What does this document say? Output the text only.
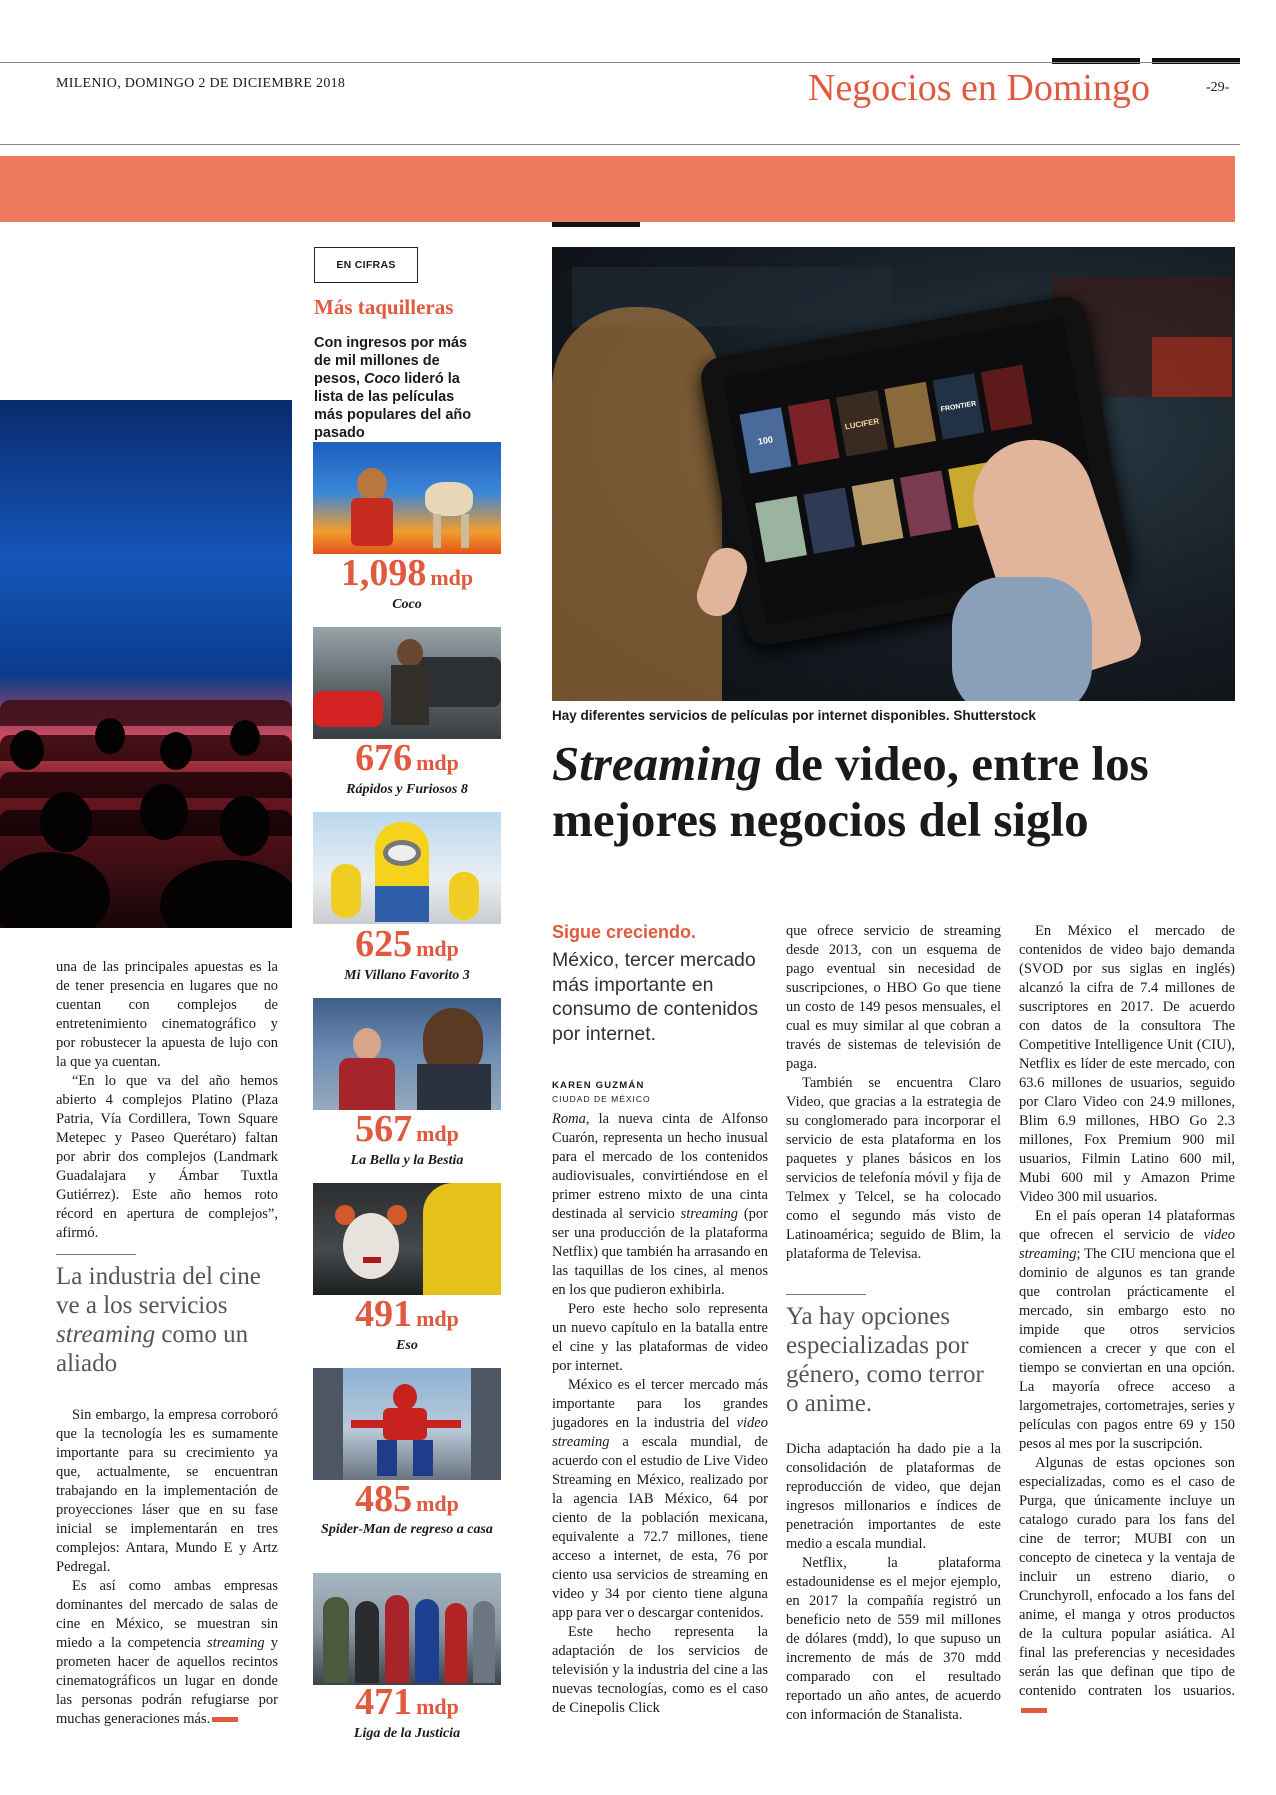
MILENIO, DOMINGO 2 DE DICIEMBRE 2018	Negocios en Domingo	-29-
una de las principales apuestas es la de tener presencia en lugares que no cuentan con complejos de entretenimiento cinematográfico y por robustecer la apuesta de lujo con la que ya cuentan.
“En lo que va del año hemos abierto 4 complejos Platino (Plaza Patria, Vía Cordillera, Town Square Metepec y Paseo Querétaro) faltan por abrir dos complejos (Landmark Guadalajara y Ámbar Tuxtla Gutiérrez). Este año hemos roto récord en apertura de complejos”, afirmó.
La industria del cine ve a los servicios streaming como un aliado
Sin embargo, la empresa corroboró que la tecnología les es sumamente importante para su crecimiento ya que, actualmente, se encuentran trabajando en la implementación de proyecciones láser que en su fase inicial se implementarán en tres complejos: Antara, Mundo E y Artz Pedregal.
Es así como ambas empresas dominantes del mercado de salas de cine en México, se muestran sin miedo a la competencia streaming y prometen hacer de aquellos recintos cinematográficos un lugar en donde las personas podrán refugiarse por muchas generaciones más.
EN CIFRAS
Más taquilleras
Con ingresos por más de mil millones de pesos, Coco lideró la lista de las películas más populares del año pasado
1,098 mdp
Coco
676 mdp
Rápidos y Furiosos 8
625 mdp
Mi Villano Favorito 3
567 mdp
La Bella y la Bestia
491 mdp
Eso
485 mdp
Spider-Man de regreso a casa
471 mdp
Liga de la Justicia
100
LUCIFER
FRONTIER
Hay diferentes servicios de películas por internet disponibles. Shutterstock
Streaming de video, entre los mejores negocios del siglo
Sigue creciendo.
México, tercer mercado más importante en consumo de contenidos por internet.
KAREN GUZMÁN
CIUDAD DE MÉXICO
Roma, la nueva cinta de Alfonso Cuarón, representa un hecho inusual para el mercado de los contenidos audiovisuales, convirtiéndose en el primer estreno mixto de una cinta destinada al servicio streaming (por ser una producción de la plataforma Netflix) que también ha arrasando en las taquillas de los cines, al menos en los que pudieron exhibirla.
Pero este hecho solo representa un nuevo capítulo en la batalla entre el cine y las plataformas de video por internet.
México es el tercer mercado más importante para los grandes jugadores en la industria del video streaming a escala mundial, de acuerdo con el estudio de Live Video Streaming en México, realizado por la agencia IAB México, 64 por ciento de la población mexicana, equivalente a 72.7 millones, tiene acceso a internet, de esta, 76 por ciento usa servicios de streaming en video y 34 por ciento tiene alguna app para ver o descargar contenidos.
Este hecho representa la adaptación de los servicios de televisión y la industria del cine a las nuevas tecnologías, como es el caso de Cinepolis Click
que ofrece servicio de streaming desde 2013, con un esquema de pago eventual sin necesidad de suscripciones, o HBO Go que tiene un costo de 149 pesos mensuales, el cual es muy similar al que cobran a través de sistemas de televisión de paga.
También se encuentra Claro Video, que gracias a la estrategia de su conglomerado para incorporar el servicio de esta plataforma en los paquetes y planes básicos en los servicios de telefonía móvil y fija de Telmex y Telcel, se ha colocado como el segundo más visto de Latinoamérica; seguido de Blim, la plataforma de Televisa.
Ya hay opciones especializadas por género, como terror o anime.
Dicha adaptación ha dado pie a la consolidación de plataformas de reproducción de video, que dejan ingresos millonarios e índices de penetración importantes de este medio a escala mundial.
Netflix, la plataforma estadounidense es el mejor ejemplo, en 2017 la compañía registró un beneficio neto de 559 mil millones de dólares (mdd), lo que supuso un incremento de más de 370 mdd comparado con el resultado reportado un año antes, de acuerdo con información de Stanalista.
En México el mercado de contenidos de video bajo demanda (SVOD por sus siglas en inglés) alcanzó la cifra de 7.4 millones de suscriptores en 2017. De acuerdo con datos de la consultora The Competitive Intelligence Unit (CIU), Netflix es líder de este mercado, con 63.6 millones de usuarios, seguido por Claro Video con 24.9 millones, Blim 6.9 millones, HBO Go 2.3 millones, Fox Premium 900 mil usuarios, Filmin Latino 600 mil, Mubi 600 mil y Amazon Prime Video 300 mil usuarios.
En el país operan 14 plataformas que ofrecen el servicio de video streaming; The CIU menciona que el dominio de algunos es tan grande que controlan prácticamente el mercado, sin embargo esto no impide que otros servicios comiencen a crecer y que con el tiempo se conviertan en una opción. La mayoría ofrece acceso a largometrajes, cortometrajes, series y películas con pagos entre 69 y 150 pesos al mes por la suscripción.
Algunas de estas opciones son especializadas, como es el caso de Purga, que únicamente incluye un catalogo curado para los fans del cine de terror; MUBI con un concepto de cineteca y la ventaja de incluir un estreno diario, o Crunchyroll, enfocado a los fans del anime, el manga y otros productos de la cultura popular asiática. Al final las preferencias y necesidades serán las que definan que tipo de contenido contraten los usuarios.
